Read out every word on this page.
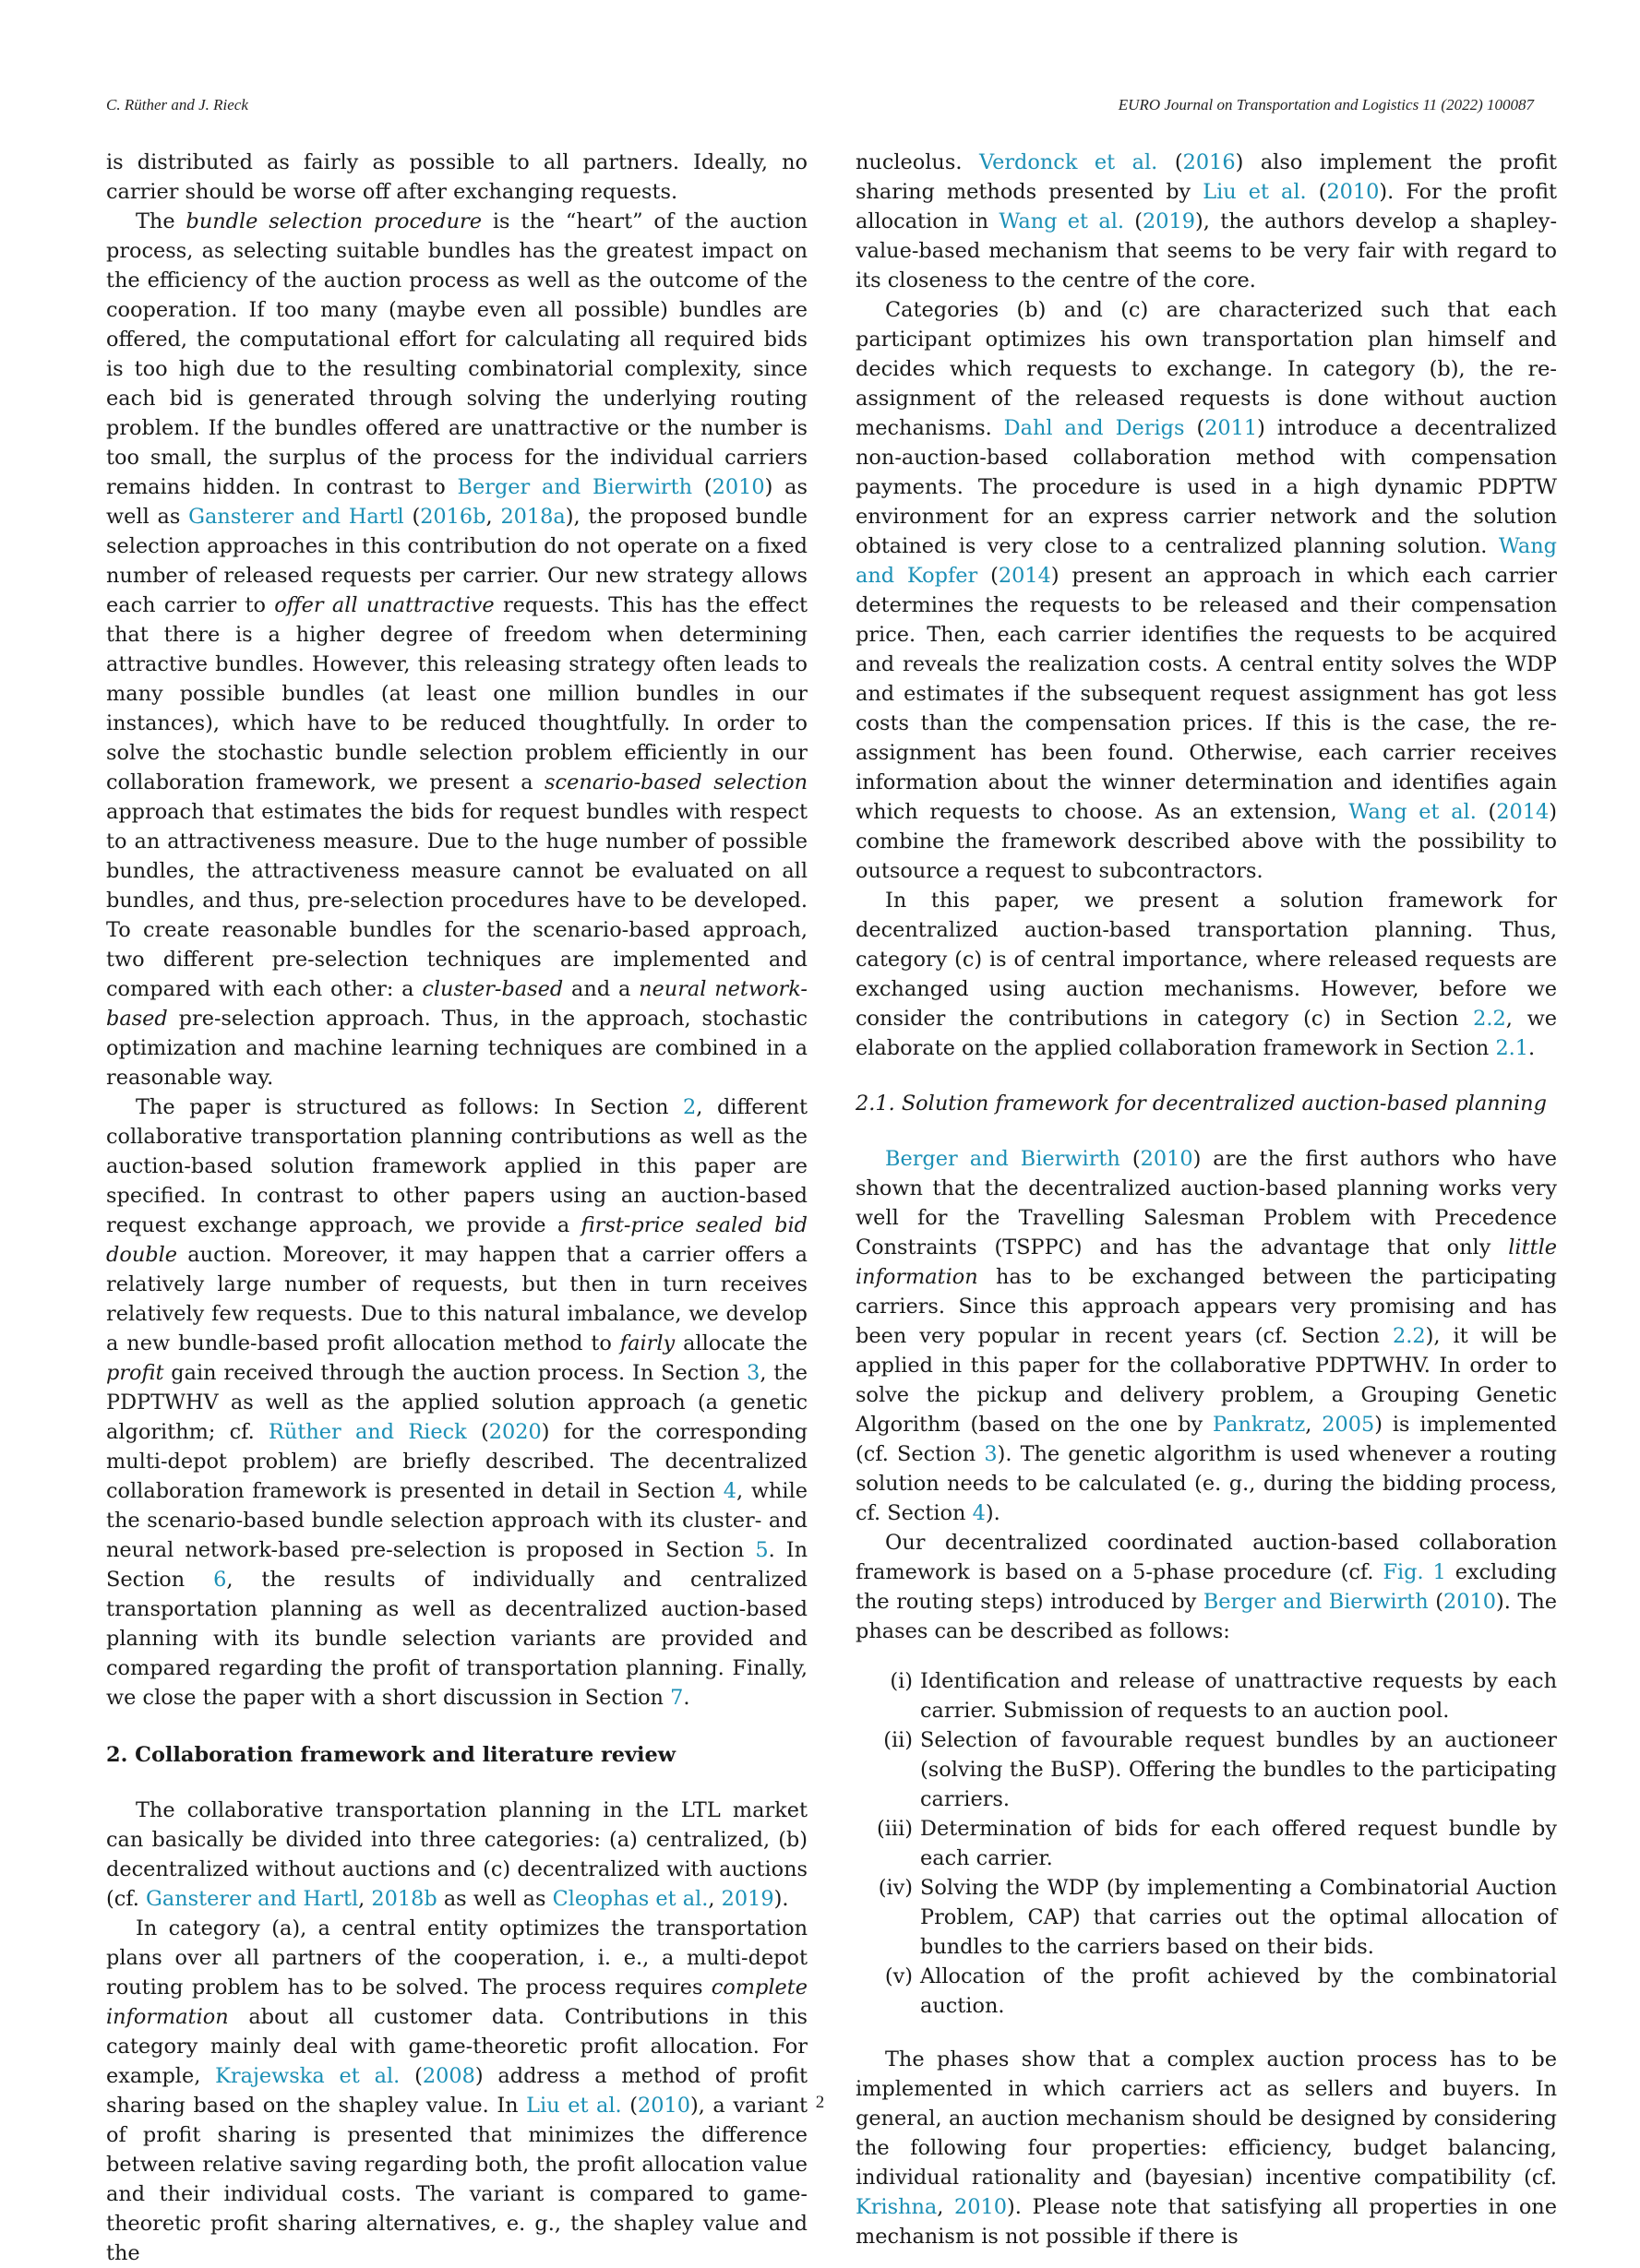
C. Rüther and J. Rieck	EURO Journal on Transportation and Logistics 11 (2022) 100087

is distributed as fairly as possible to all partners. Ideally, no carrier should be worse off after exchanging requests.

The bundle selection procedure is the “heart” of the auction process, as selecting suitable bundles has the greatest impact on the efficiency of the auction process as well as the outcome of the cooperation. If too many (maybe even all possible) bundles are offered, the computational effort for calculating all required bids is too high due to the resulting combinatorial complexity, since each bid is generated through solving the underlying routing problem. If the bundles offered are unattractive or the number is too small, the surplus of the process for the individual carriers remains hidden. In contrast to Berger and Bierwirth (2010) as well as Gansterer and Hartl (2016b, 2018a), the proposed bundle selection approaches in this contribution do not operate on a fixed number of released requests per carrier. Our new strategy allows each carrier to offer all unattractive requests. This has the effect that there is a higher degree of freedom when determining attractive bundles. However, this releasing strategy often leads to many possible bundles (at least one million bundles in our instances), which have to be reduced thoughtfully. In order to solve the stochastic bundle selection problem efficiently in our collaboration framework, we present a scenario-based selection approach that estimates the bids for request bundles with respect to an attractiveness measure. Due to the huge number of possible bundles, the attractiveness measure cannot be evaluated on all bundles, and thus, pre-selection procedures have to be developed. To create reasonable bundles for the scenario-based approach, two different pre-selection techniques are implemented and compared with each other: a cluster-based and a neural network-based pre-selection approach. Thus, in the approach, stochastic optimization and machine learning techniques are combined in a reasonable way.

The paper is structured as follows: In Section 2, different collaborative transportation planning contributions as well as the auction-based solution framework applied in this paper are specified. In contrast to other papers using an auction-based request exchange approach, we provide a first-price sealed bid double auction. Moreover, it may happen that a carrier offers a relatively large number of requests, but then in turn receives relatively few requests. Due to this natural imbalance, we develop a new bundle-based profit allocation method to fairly allocate the profit gain received through the auction process. In Section 3, the PDPTWHV as well as the applied solution approach (a genetic algorithm; cf. Rüther and Rieck (2020) for the corresponding multi-depot problem) are briefly described. The decentralized collaboration framework is presented in detail in Section 4, while the scenario-based bundle selection approach with its cluster- and neural network-based pre-selection is proposed in Section 5. In Section 6, the results of individually and centralized transportation planning as well as decentralized auction-based planning with its bundle selection variants are provided and compared regarding the profit of transportation planning. Finally, we close the paper with a short discussion in Section 7.

2. Collaboration framework and literature review

The collaborative transportation planning in the LTL market can basically be divided into three categories: (a) centralized, (b) decentralized without auctions and (c) decentralized with auctions (cf. Gansterer and Hartl, 2018b as well as Cleophas et al., 2019).

In category (a), a central entity optimizes the transportation plans over all partners of the cooperation, i. e., a multi-depot routing problem has to be solved. The process requires complete information about all customer data. Contributions in this category mainly deal with game-theoretic profit allocation. For example, Krajewska et al. (2008) address a method of profit sharing based on the shapley value. In Liu et al. (2010), a variant of profit sharing is presented that minimizes the difference between relative saving regarding both, the profit allocation value and their individual costs. The variant is compared to game-theoretic profit sharing alternatives, e. g., the shapley value and the

nucleolus. Verdonck et al. (2016) also implement the profit sharing methods presented by Liu et al. (2010). For the profit allocation in Wang et al. (2019), the authors develop a shapley-value-based mechanism that seems to be very fair with regard to its closeness to the centre of the core.

Categories (b) and (c) are characterized such that each participant optimizes his own transportation plan himself and decides which requests to exchange. In category (b), the re-assignment of the released requests is done without auction mechanisms. Dahl and Derigs (2011) introduce a decentralized non-auction-based collaboration method with compensation payments. The procedure is used in a high dynamic PDPTW environment for an express carrier network and the solution obtained is very close to a centralized planning solution. Wang and Kopfer (2014) present an approach in which each carrier determines the requests to be released and their compensation price. Then, each carrier identifies the requests to be acquired and reveals the realization costs. A central entity solves the WDP and estimates if the subsequent request assignment has got less costs than the compensation prices. If this is the case, the re-assignment has been found. Otherwise, each carrier receives information about the winner determination and identifies again which requests to choose. As an extension, Wang et al. (2014) combine the framework described above with the possibility to outsource a request to subcontractors.

In this paper, we present a solution framework for decentralized auction-based transportation planning. Thus, category (c) is of central importance, where released requests are exchanged using auction mechanisms. However, before we consider the contributions in category (c) in Section 2.2, we elaborate on the applied collaboration framework in Section 2.1.

2.1. Solution framework for decentralized auction-based planning

Berger and Bierwirth (2010) are the first authors who have shown that the decentralized auction-based planning works very well for the Travelling Salesman Problem with Precedence Constraints (TSPPC) and has the advantage that only little information has to be exchanged between the participating carriers. Since this approach appears very promising and has been very popular in recent years (cf. Section 2.2), it will be applied in this paper for the collaborative PDPTWHV. In order to solve the pickup and delivery problem, a Grouping Genetic Algorithm (based on the one by Pankratz, 2005) is implemented (cf. Section 3). The genetic algorithm is used whenever a routing solution needs to be calculated (e. g., during the bidding process, cf. Section 4).

Our decentralized coordinated auction-based collaboration framework is based on a 5-phase procedure (cf. Fig. 1 excluding the routing steps) introduced by Berger and Bierwirth (2010). The phases can be described as follows:

(i) Identification and release of unattractive requests by each carrier. Submission of requests to an auction pool.
(ii) Selection of favourable request bundles by an auctioneer (solving the BuSP). Offering the bundles to the participating carriers.
(iii) Determination of bids for each offered request bundle by each carrier.
(iv) Solving the WDP (by implementing a Combinatorial Auction Problem, CAP) that carries out the optimal allocation of bundles to the carriers based on their bids.
(v) Allocation of the profit achieved by the combinatorial auction.

The phases show that a complex auction process has to be implemented in which carriers act as sellers and buyers. In general, an auction mechanism should be designed by considering the following four properties: efficiency, budget balancing, individual rationality and (bayesian) incentive compatibility (cf. Krishna, 2010). Please note that satisfying all properties in one mechanism is not possible if there is

2
